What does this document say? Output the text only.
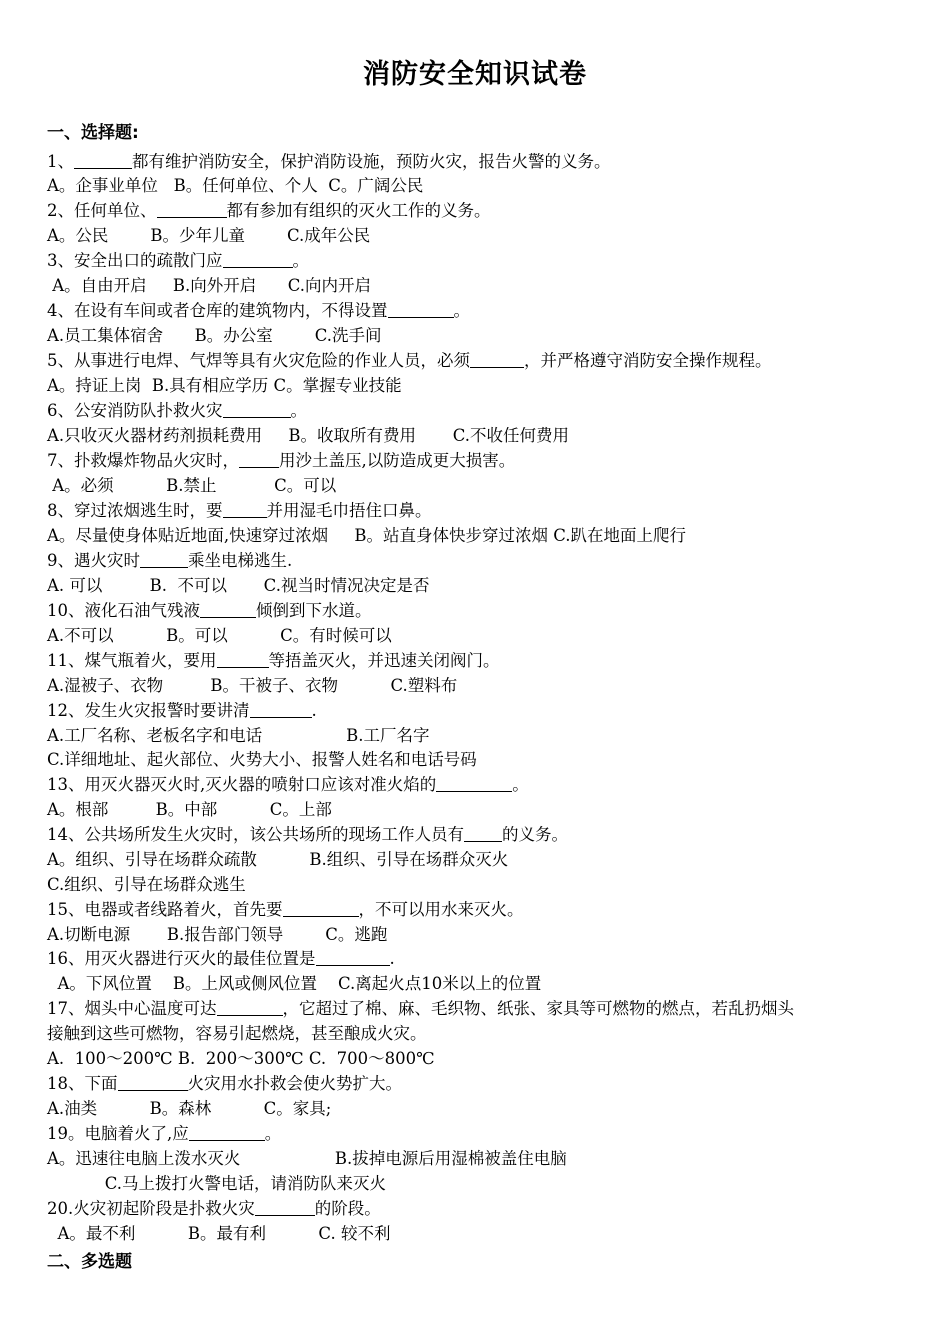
消防安全知识试卷
一、选择题:
1、	都有维护消防安全，保护消防设施，预防火灾，报告火警的义务。
A。企事业单位   B。任何单位、个人  C。广阔公民
2、任何单位、	都有参加有组织的灭火工作的义务。
A。公民        B。少年儿童        C.成年公民
3、安全出口的疏散门应	。
A。自由开启     B.向外开启      C.向内开启
4、在设有车间或者仓库的建筑物内，不得设置	。
A.员工集体宿舍      B。办公室        C.洗手间
5、从事进行电焊、气焊等具有火灾危险的作业人员，必须	，并严格遵守消防安全操作规程。
A。持证上岗  B.具有相应学历 C。掌握专业技能
6、公安消防队扑救火灾	。
A.只收灭火器材药剂损耗费用     B。收取所有费用       C.不收任何费用
7、扑救爆炸物品火灾时， 用沙土盖压,以防造成更大损害。
A。必须          B.禁止           C。可以
8、穿过浓烟逃生时，要	并用湿毛巾捂住口鼻。
A。尽量使身体贴近地面,快速穿过浓烟     B。站直身体快步穿过浓烟 C.趴在地面上爬行
9、遇火灾时	乘坐电梯逃生.
A. 可以         B.  不可以       C.视当时情况决定是否
10、液化石油气残液	倾倒到下水道。
A.不可以          B。可以          C。有时候可以
11、煤气瓶着火，要用	等捂盖灭火，并迅速关闭阀门。
A.湿被子、衣物         B。干被子、衣物          C.塑料布
12、发生火灾报警时要讲清	.
A.工厂名称、老板名字和电话                B.工厂名字
C.详细地址、起火部位、火势大小、报警人姓名和电话号码
13、用灭火器灭火时,灭火器的喷射口应该对准火焰的	。
A。根部         B。中部          C。上部
14、公共场所发生火灾时，该公共场所的现场工作人员有 的义务。
A。组织、引导在场群众疏散          B.组织、引导在场群众灭火
C.组织、引导在场群众逃生
15、电器或者线路着火，首先要	，不可以用水来灭火。
A.切断电源       B.报告部门领导        C。逃跑
16、用灭火器进行灭火的最佳位置是	.
A。下风位置    B。上风或侧风位置    C.离起火点10米以上的位置
17、烟头中心温度可达	，它超过了棉、麻、毛织物、纸张、家具等可燃物的燃点，若乱扔烟头
接触到这些可燃物，容易引起燃烧，甚至酿成火灾。
A.  100～200℃ B.  200～300℃ C.  700～800℃
18、下面	火灾用水扑救会使火势扩大。
A.油类          B。森林          C。家具;
19。电脑着火了,应	。
A。迅速往电脑上泼水灭火                  B.拔掉电源后用湿棉被盖住电脑
C.马上拨打火警电话，请消防队来灭火
20.火灾初起阶段是扑救火灾	的阶段。
A。最不利          B。最有利          C. 较不利
二、多选题
